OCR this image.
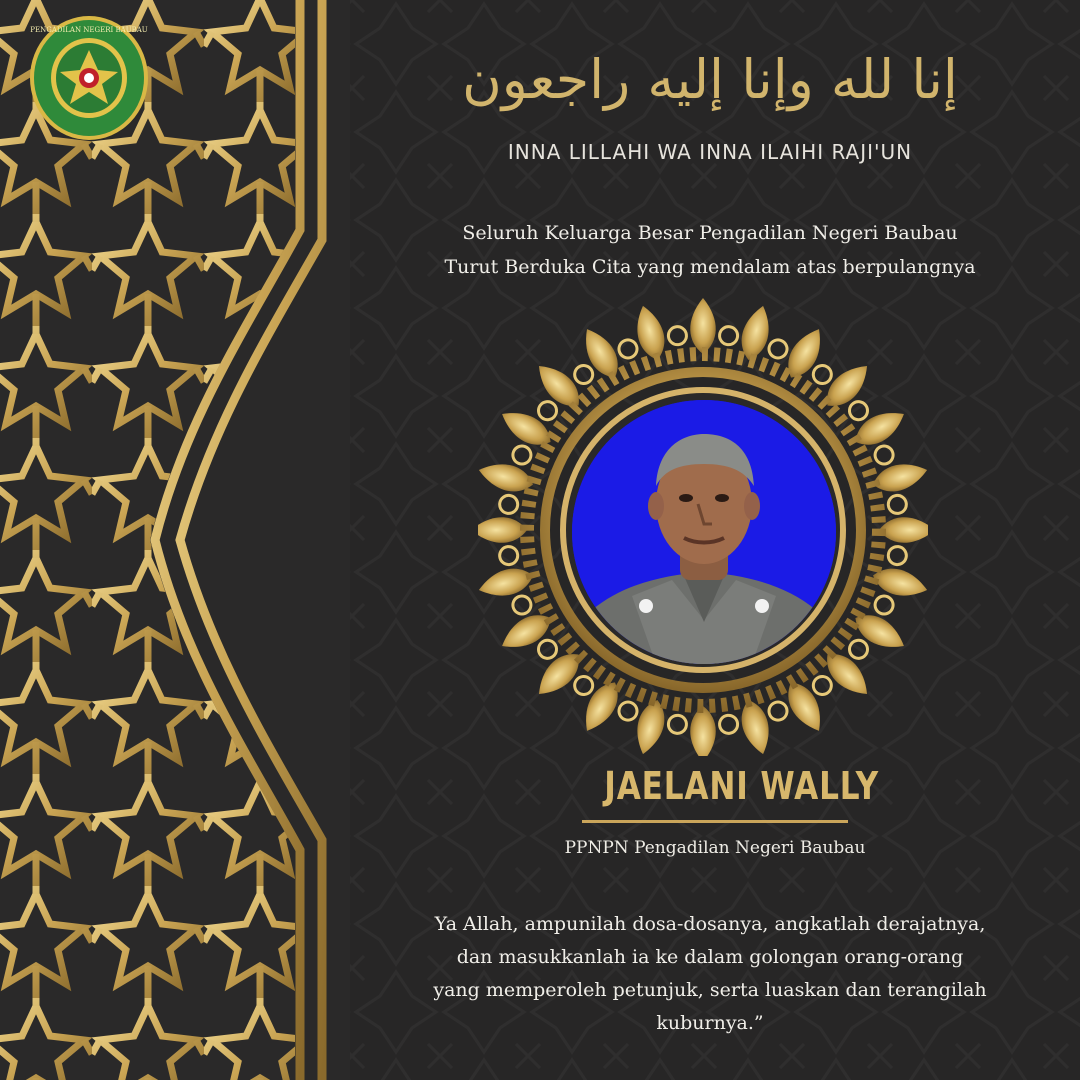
PENGADILAN NEGERI BAUBAU
إنا لله وإنا إليه راجعون
INNA LILLAHI WA INNA ILAIHI RAJI'UN
Seluruh Keluarga Besar Pengadilan Negeri Baubau
Turut Berduka Cita yang mendalam atas berpulangnya
JAELANI WALLY
PPNPN Pengadilan Negeri Baubau
Ya Allah, ampunilah dosa-dosanya, angkatlah derajatnya,
dan masukkanlah ia ke dalam golongan orang-orang
yang memperoleh petunjuk, serta luaskan dan terangilah
kuburnya.”
